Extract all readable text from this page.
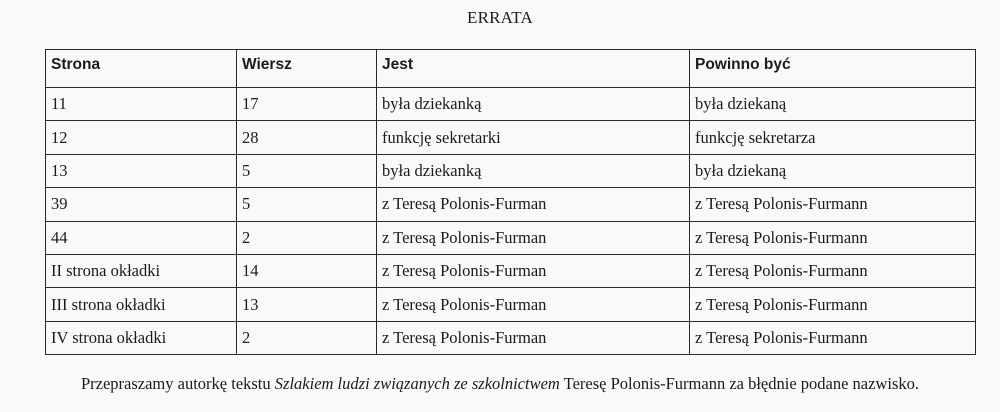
ERRATA
Strona	Wiersz	Jest	Powinno być
11	17	była dziekanką	była dziekaną
12	28	funkcję sekretarki	funkcję sekretarza
13	5	była dziekanką	była dziekaną
39	5	z Teresą Polonis-Furman	z Teresą Polonis-Furmann
44	2	z Teresą Polonis-Furman	z Teresą Polonis-Furmann
II strona okładki	14	z Teresą Polonis-Furman	z Teresą Polonis-Furmann
III strona okładki	13	z Teresą Polonis-Furman	z Teresą Polonis-Furmann
IV strona okładki	2	z Teresą Polonis-Furman	z Teresą Polonis-Furmann
Przepraszamy autorkę tekstu Szlakiem ludzi związanych ze szkolnictwem Teresę Polonis-Furmann za błędnie podane nazwisko.
